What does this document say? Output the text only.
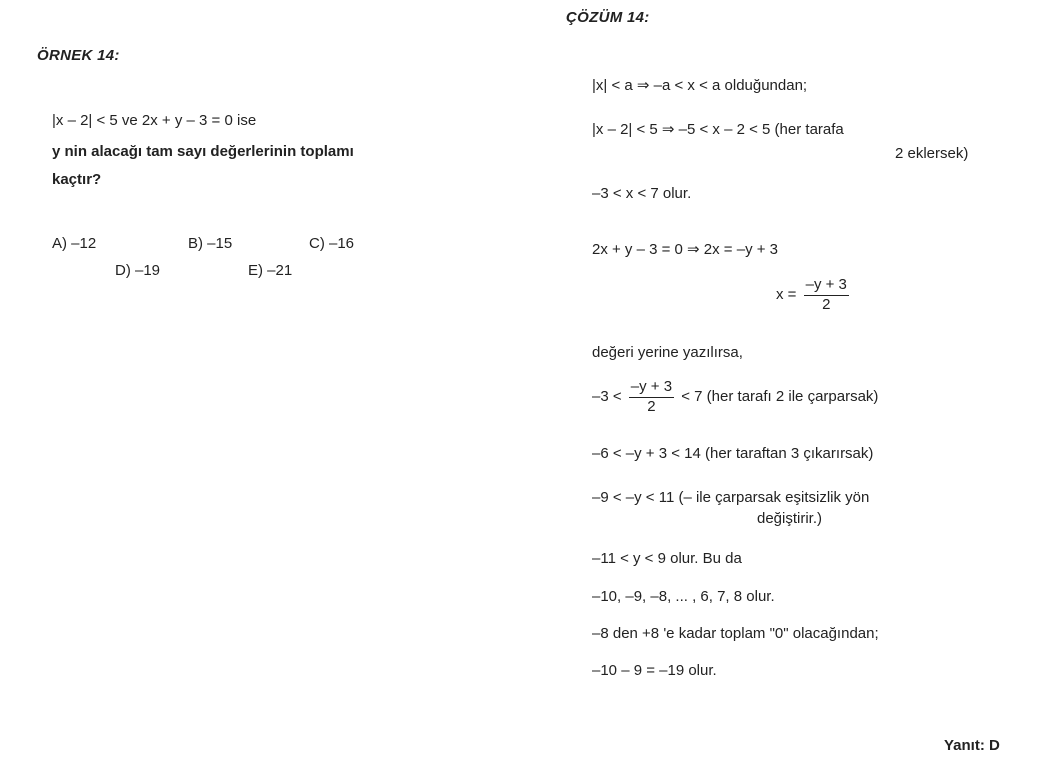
ÖRNEK 14:
|x – 2| < 5 ve 2x + y – 3 = 0 ise
y nin alacağı tam sayı değerlerinin toplamı
kaçtır?
A) –12	B) –15	C) –16
D) –19	E) –21
ÇÖZÜM 14:
|x| < a ⇒ –a < x < a olduğundan;
|x – 2| < 5 ⇒ –5 < x – 2 < 5 (her tarafa
2 eklersek)
–3 < x < 7 olur.
2x + y – 3 = 0 ⇒ 2x = –y + 3
$x = \frac{-y + 3}{2}$
değeri yerine yazılırsa,
$-3 < \frac{-y + 3}{2} < 7$ (her tarafı 2 ile çarparsak)
–6 < –y + 3 < 14 (her taraftan 3 çıkarırsak)
–9 < –y < 11 (– ile çarparsak eşitsizlik yön
değiştirir.)
–11 < y < 9 olur. Bu da
–10, –9, –8, ... , 6, 7, 8 olur.
–8 den +8 'e kadar toplam "0" olacağından;
–10 – 9 = –19 olur.
Yanıt: D
